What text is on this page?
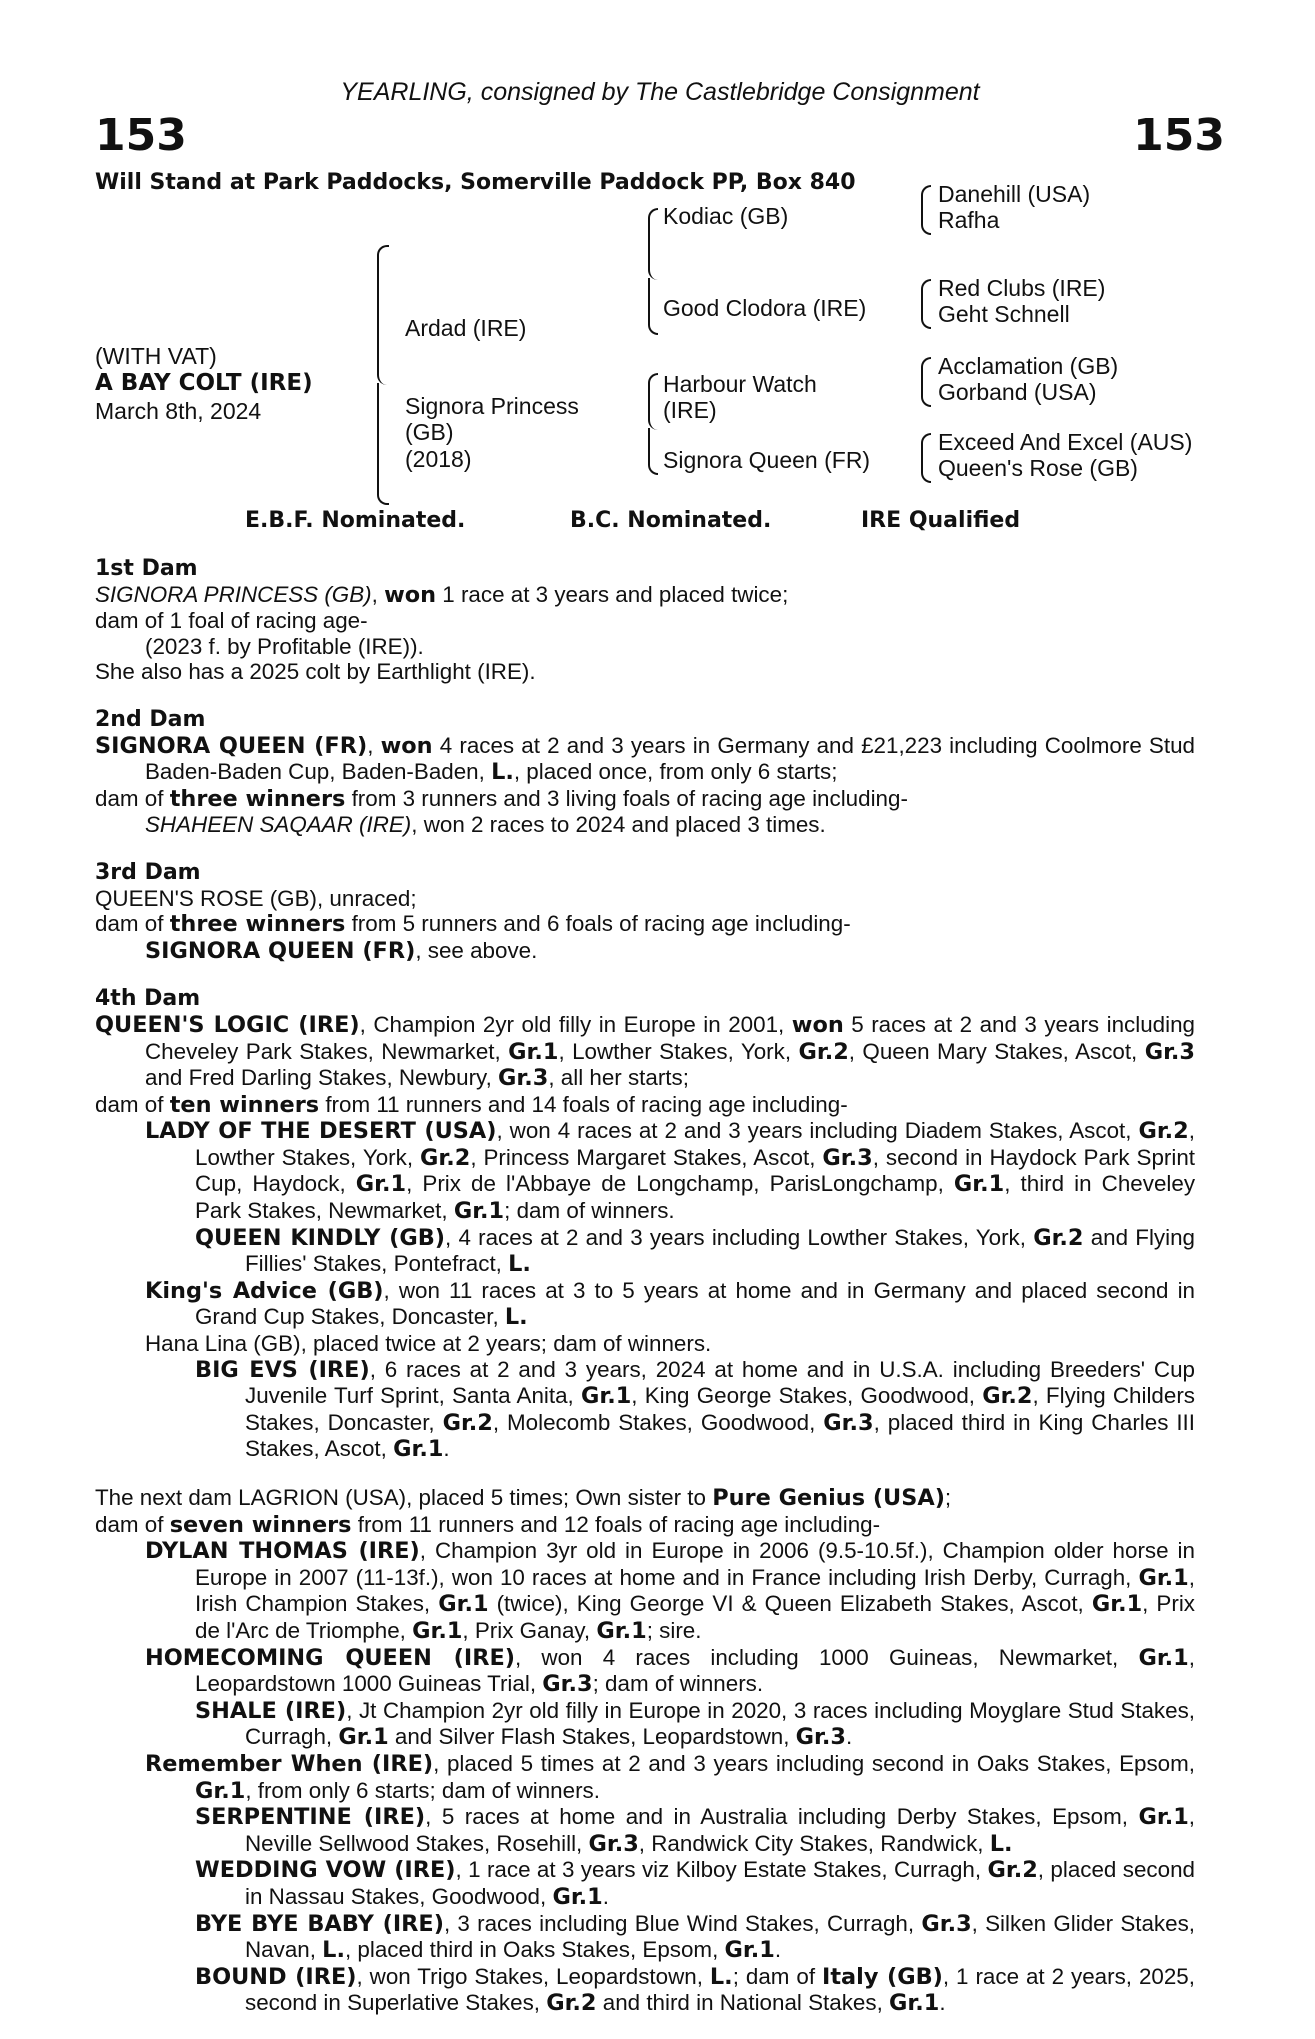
YEARLING, consigned by The Castlebridge Consignment
153	153
Will Stand at Park Paddocks, Somerville Paddock PP, Box 840
(WITH VAT)
A BAY COLT (IRE)
March 8th, 2024
Ardad (IRE)
Signora Princess
(GB)
(2018)
Kodiac (GB)
Good Clodora (IRE)
Harbour Watch
(IRE)
Signora Queen (FR)
Danehill (USA)
Rafha
Red Clubs (IRE)
Geht Schnell
Acclamation (GB)
Gorband (USA)
Exceed And Excel (AUS)
Queen's Rose (GB)
E.B.F. Nominated.	B.C. Nominated.	IRE Qualified
1st Dam
SIGNORA PRINCESS (GB), won 1 race at 3 years and placed twice;
dam of 1 foal of racing age-
(2023 f. by Profitable (IRE)).
She also has a 2025 colt by Earthlight (IRE).
2nd Dam
SIGNORA QUEEN (FR), won 4 races at 2 and 3 years in Germany and £21,223 including Coolmore Stud Baden-Baden Cup, Baden-Baden, L., placed once, from only 6 starts;
dam of three winners from 3 runners and 3 living foals of racing age including-
SHAHEEN SAQAAR (IRE), won 2 races to 2024 and placed 3 times.
3rd Dam
QUEEN'S ROSE (GB), unraced;
dam of three winners from 5 runners and 6 foals of racing age including-
SIGNORA QUEEN (FR), see above.
4th Dam
QUEEN'S LOGIC (IRE), Champion 2yr old filly in Europe in 2001, won 5 races at 2 and 3 years including Cheveley Park Stakes, Newmarket, Gr.1, Lowther Stakes, York, Gr.2, Queen Mary Stakes, Ascot, Gr.3 and Fred Darling Stakes, Newbury, Gr.3, all her starts;
dam of ten winners from 11 runners and 14 foals of racing age including-
LADY OF THE DESERT (USA), won 4 races at 2 and 3 years including Diadem Stakes, Ascot, Gr.2, Lowther Stakes, York, Gr.2, Princess Margaret Stakes, Ascot, Gr.3, second in Haydock Park Sprint Cup, Haydock, Gr.1, Prix de l'Abbaye de Longchamp, ParisLongchamp, Gr.1, third in Cheveley Park Stakes, Newmarket, Gr.1; dam of winners.
QUEEN KINDLY (GB), 4 races at 2 and 3 years including Lowther Stakes, York, Gr.2 and Flying Fillies' Stakes, Pontefract, L.
King's Advice (GB), won 11 races at 3 to 5 years at home and in Germany and placed second in Grand Cup Stakes, Doncaster, L.
Hana Lina (GB), placed twice at 2 years; dam of winners.
BIG EVS (IRE), 6 races at 2 and 3 years, 2024 at home and in U.S.A. including Breeders' Cup Juvenile Turf Sprint, Santa Anita, Gr.1, King George Stakes, Goodwood, Gr.2, Flying Childers Stakes, Doncaster, Gr.2, Molecomb Stakes, Goodwood, Gr.3, placed third in King Charles III Stakes, Ascot, Gr.1.
The next dam LAGRION (USA), placed 5 times; Own sister to Pure Genius (USA);
dam of seven winners from 11 runners and 12 foals of racing age including-
DYLAN THOMAS (IRE), Champion 3yr old in Europe in 2006 (9.5-10.5f.), Champion older horse in Europe in 2007 (11-13f.), won 10 races at home and in France including Irish Derby, Curragh, Gr.1, Irish Champion Stakes, Gr.1 (twice), King George VI & Queen Elizabeth Stakes, Ascot, Gr.1, Prix de l'Arc de Triomphe, Gr.1, Prix Ganay, Gr.1; sire.
HOMECOMING QUEEN (IRE), won 4 races including 1000 Guineas, Newmarket, Gr.1, Leopardstown 1000 Guineas Trial, Gr.3; dam of winners.
SHALE (IRE), Jt Champion 2yr old filly in Europe in 2020, 3 races including Moyglare Stud Stakes, Curragh, Gr.1 and Silver Flash Stakes, Leopardstown, Gr.3.
Remember When (IRE), placed 5 times at 2 and 3 years including second in Oaks Stakes, Epsom, Gr.1, from only 6 starts; dam of winners.
SERPENTINE (IRE), 5 races at home and in Australia including Derby Stakes, Epsom, Gr.1, Neville Sellwood Stakes, Rosehill, Gr.3, Randwick City Stakes, Randwick, L.
WEDDING VOW (IRE), 1 race at 3 years viz Kilboy Estate Stakes, Curragh, Gr.2, placed second in Nassau Stakes, Goodwood, Gr.1.
BYE BYE BABY (IRE), 3 races including Blue Wind Stakes, Curragh, Gr.3, Silken Glider Stakes, Navan, L., placed third in Oaks Stakes, Epsom, Gr.1.
BOUND (IRE), won Trigo Stakes, Leopardstown, L.; dam of Italy (GB), 1 race at 2 years, 2025, second in Superlative Stakes, Gr.2 and third in National Stakes, Gr.1.
